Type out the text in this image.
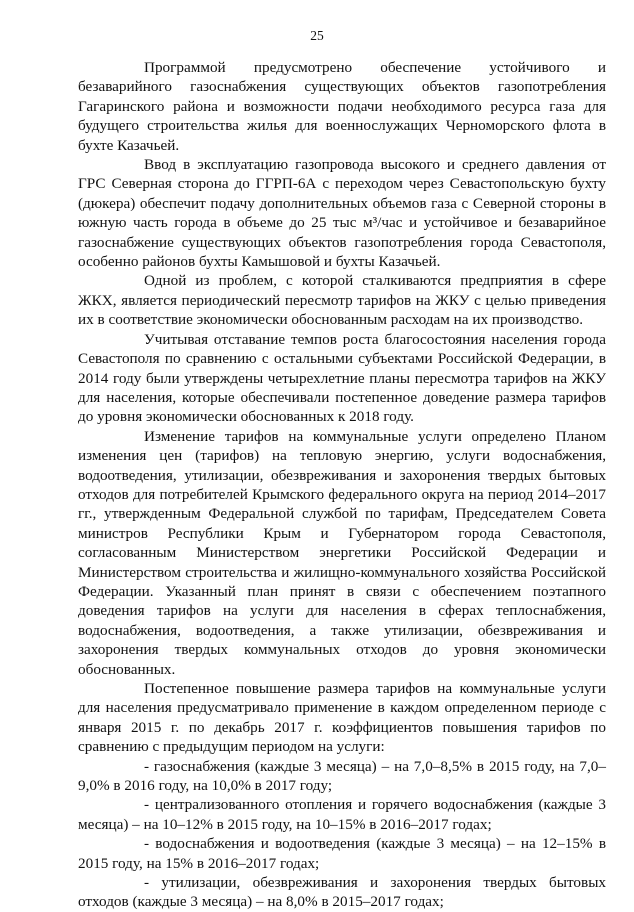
25

Программой предусмотрено обеспечение устойчивого и безаварийного газоснабжения существующих объектов газопотребления Гагаринского района и возможности подачи необходимого ресурса газа для будущего строительства жилья для военнослужащих Черноморского флота в бухте Казачьей.

Ввод в эксплуатацию газопровода высокого и среднего давления от ГРС Северная сторона до ГГРП-6А с переходом через Севастопольскую бухту (дюкера) обеспечит подачу дополнительных объемов газа с Северной стороны в южную часть города в объеме до 25 тыс м³/час и устойчивое и безаварийное газоснабжение существующих объектов газопотребления города Севастополя, особенно районов бухты Камышовой и бухты Казачьей.

Одной из проблем, с которой сталкиваются предприятия в сфере ЖКХ, является периодический пересмотр тарифов на ЖКУ с целью приведения их в соответствие экономически обоснованным расходам на их производство.

Учитывая отставание темпов роста благосостояния населения города Севастополя по сравнению с остальными субъектами Российской Федерации, в 2014 году были утверждены четырехлетние планы пересмотра тарифов на ЖКУ для населения, которые обеспечивали постепенное доведение размера тарифов до уровня экономически обоснованных к 2018 году.

Изменение тарифов на коммунальные услуги определено Планом изменения цен (тарифов) на тепловую энергию, услуги водоснабжения, водоотведения, утилизации, обезвреживания и захоронения твердых бытовых отходов для потребителей Крымского федерального округа на период 2014–2017 гг., утвержденным Федеральной службой по тарифам, Председателем Совета министров Республики Крым и Губернатором города Севастополя, согласованным Министерством энергетики Российской Федерации и Министерством строительства и жилищно-коммунального хозяйства Российской Федерации. Указанный план принят в связи с обеспечением поэтапного доведения тарифов на услуги для населения в сферах теплоснабжения, водоснабжения, водоотведения, а также утилизации, обезвреживания и захоронения твердых коммунальных отходов до уровня экономически обоснованных.

Постепенное повышение размера тарифов на коммунальные услуги для населения предусматривало применение в каждом определенном периоде с января 2015 г. по декабрь 2017 г. коэффициентов повышения тарифов по сравнению с предыдущим периодом на услуги:

- газоснабжения (каждые 3 месяца) – на 7,0–8,5% в 2015 году, на 7,0–9,0% в 2016 году, на 10,0% в 2017 году;

- централизованного отопления и горячего водоснабжения (каждые 3 месяца) – на 10–12% в 2015 году, на 10–15% в 2016–2017 годах;

- водоснабжения и водоотведения (каждые 3 месяца) – на 12–15% в 2015 году, на 15% в 2016–2017 годах;

- утилизации, обезвреживания и захоронения твердых бытовых отходов (каждые 3 месяца) – на 8,0% в 2015–2017 годах;
